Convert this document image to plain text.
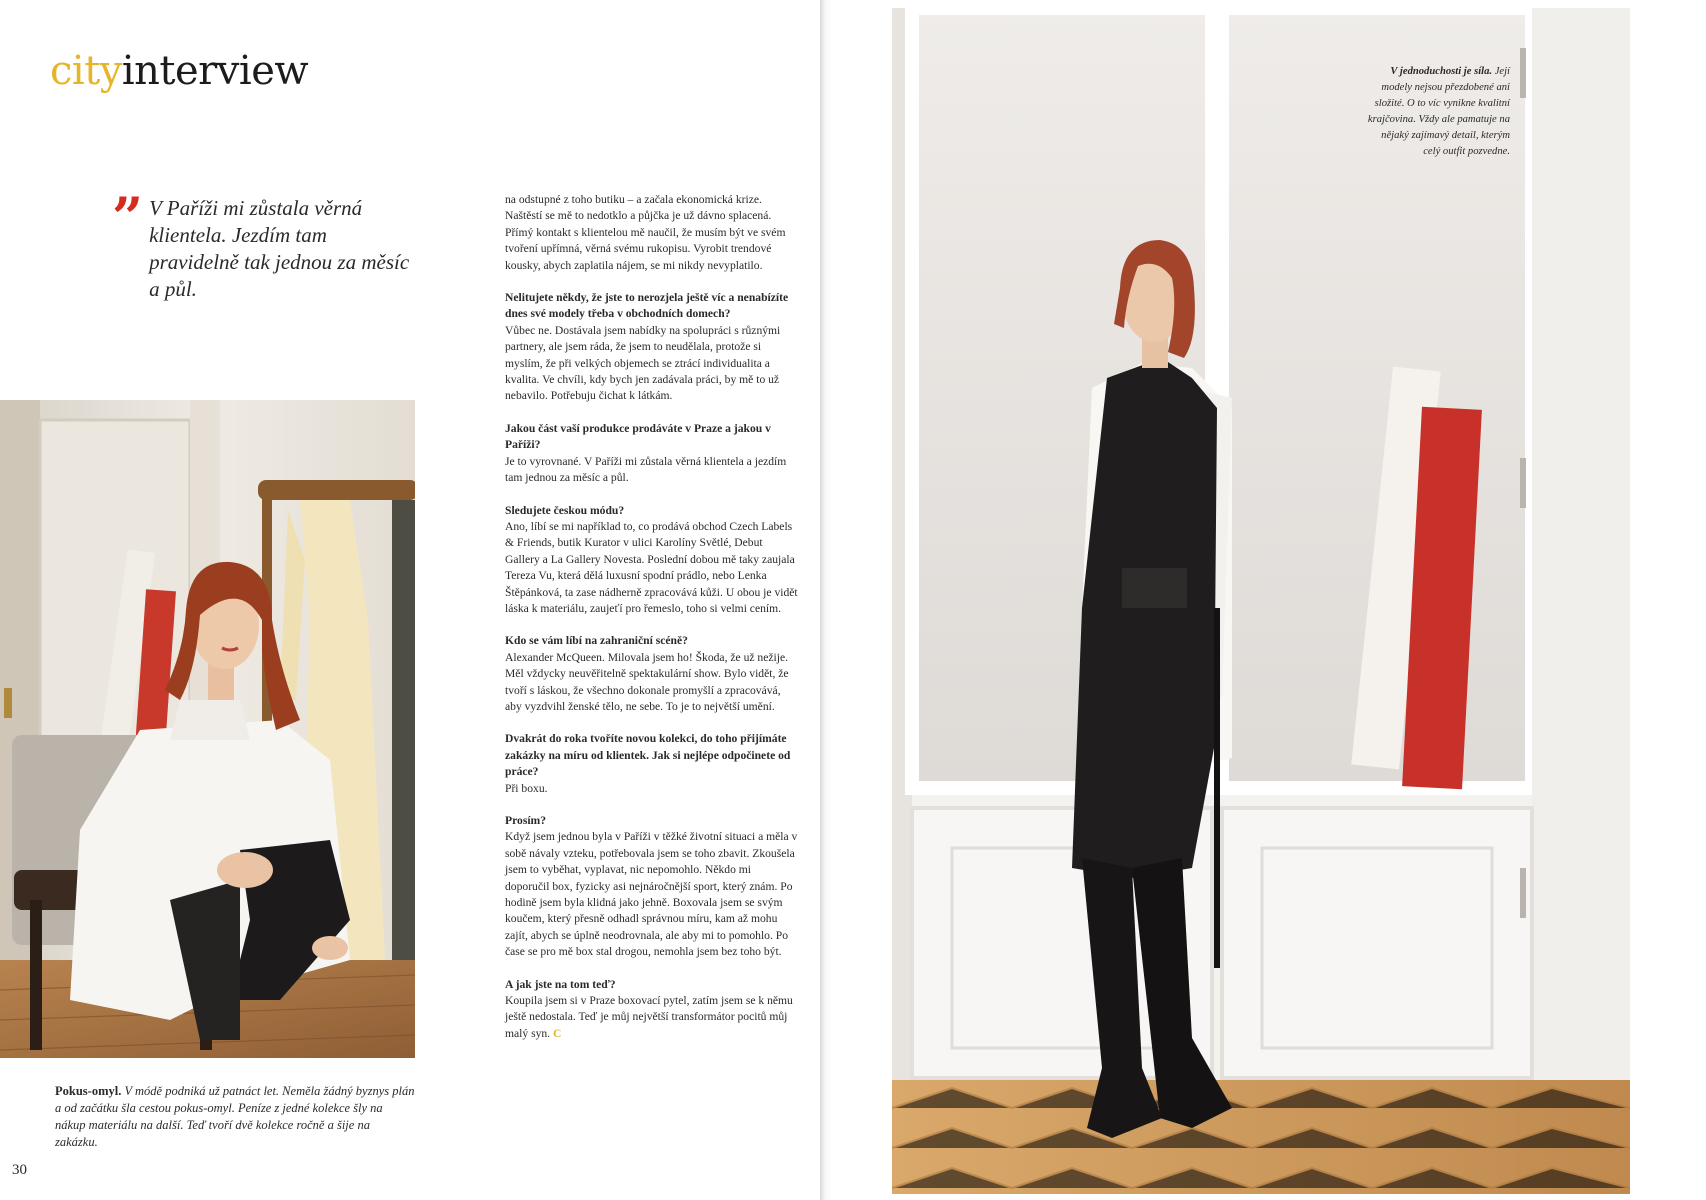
cityinterview
” V Paříži mi zůstala věrná klientela. Jezdím tam pravidelně tak jednou za měsíc a půl.
Pokus-omyl. V módě podniká už patnáct let. Neměla žádný byznys plán a od začátku šla cestou pokus-omyl. Peníze z jedné kolekce šly na nákup materiálu na další. Teď tvoří dvě kolekce ročně a šije na zakázku.
30

na odstupné z toho butiku – a začala ekonomická krize. Naštěstí se mě to nedotklo a půjčka je už dávno splacená. Přímý kontakt s klientelou mě naučil, že musím být ve svém tvoření upřímná, věrná svému rukopisu. Vyrobit trendové kousky, abych zaplatila nájem, se mi nikdy nevyplatilo.

Nelitujete někdy, že jste to nerozjela ještě víc a nenabízíte dnes své modely třeba v obchodních domech?
Vůbec ne. Dostávala jsem nabídky na spolupráci s různými partnery, ale jsem ráda, že jsem to neudělala, protože si myslím, že při velkých objemech se ztrácí individualita a kvalita. Ve chvíli, kdy bych jen zadávala práci, by mě to už nebavilo. Potřebuju čichat k látkám.

Jakou část vaší produkce prodáváte v Praze a jakou v Paříži?
Je to vyrovnané. V Paříži mi zůstala věrná klientela a jezdím tam jednou za měsíc a půl.

Sledujete českou módu?
Ano, líbí se mi například to, co prodává obchod Czech Labels & Friends, butik Kurator v ulici Karolíny Světlé, Debut Gallery a La Gallery Novesta. Poslední dobou mě taky zaujala Tereza Vu, která dělá luxusní spodní prádlo, nebo Lenka Štěpánková, ta zase nádherně zpracovává kůži. U obou je vidět láska k materiálu, zaujeťí pro řemeslo, toho si velmi cením.

Kdo se vám líbí na zahraniční scéně?
Alexander McQueen. Milovala jsem ho! Škoda, že už nežije. Měl vždycky neuvěřitelně spektakulární show. Bylo vidět, že tvoří s láskou, že všechno dokonale promyšlí a zpracovává, aby vyzdvihl ženské tělo, ne sebe. To je to největší umění.

Dvakrát do roka tvoříte novou kolekci, do toho přijímáte zakázky na míru od klientek. Jak si nejlépe odpočinete od práce?
Při boxu.

Prosím?
Když jsem jednou byla v Paříži v těžké životní situaci a měla v sobě návaly vzteku, potřebovala jsem se toho zbavit. Zkoušela jsem to vyběhat, vyplavat, nic nepomohlo. Někdo mi doporučil box, fyzicky asi nejnáročnější sport, který znám. Po hodině jsem byla klidná jako jehně. Boxovala jsem se svým koučem, který přesně odhadl správnou míru, kam až mohu zajít, abych se úplně neodrovnala, ale aby mi to pomohlo. Po čase se pro mě box stal drogou, nemohla jsem bez toho být.

A jak jste na tom teď?
Koupila jsem si v Praze boxovací pytel, zatím jsem se k němu ještě nedostala. Teď je můj největší transformátor pocitů můj malý syn. C

V jednoduchosti je síla. Její modely nejsou přezdobené ani složité. O to víc vynikne kvalitní krajčovina. Vždy ale pamatuje na nějaký zajímavý detail, kterým celý outfit pozvedne.
